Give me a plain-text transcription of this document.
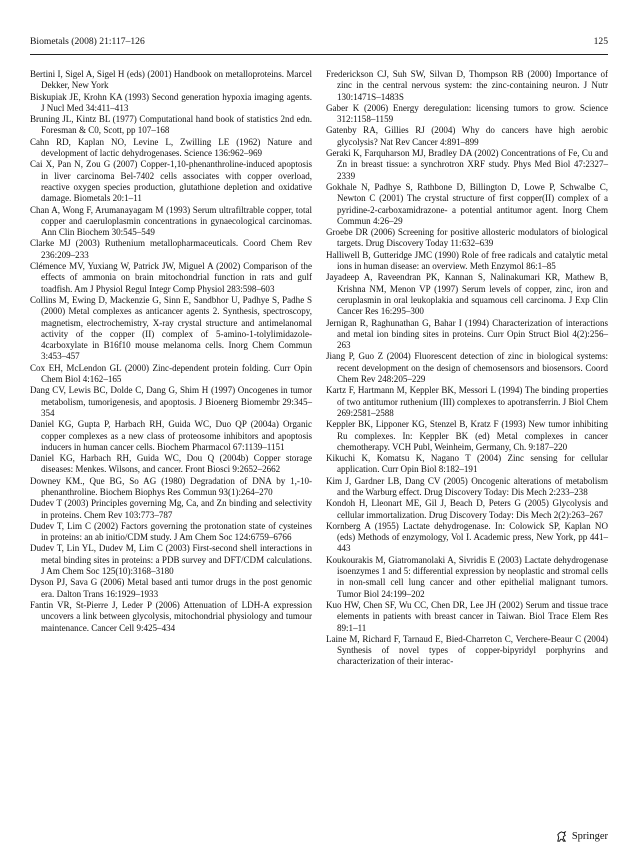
Biometals (2008) 21:117–126	125

Bertini I, Sigel A, Sigel H (eds) (2001) Handbook on metalloproteins. Marcel Dekker, New York

Biskupiak JE, Krohn KA (1993) Second generation hypoxia imaging agents. J Nucl Med 34:411–413

Bruning JL, Kintz BL (1977) Computational hand book of statistics 2nd edn. Foresman & C0, Scott, pp 107–168

Cahn RD, Kaplan NO, Levine L, Zwilling LE (1962) Nature and development of lactic dehydrogenases. Science 136:962–969

Cai X, Pan N, Zou G (2007) Copper-1,10-phenanthroline-induced apoptosis in liver carcinoma Bel-7402 cells associates with copper overload, reactive oxygen species production, glutathione depletion and oxidative damage. Biometals 20:1–11

Chan A, Wong F, Arumanayagam M (1993) Serum ultrafiltrable copper, total copper and caeruloplasmin concentrations in gynaecological carcinomas. Ann Clin Biochem 30:545–549

Clarke MJ (2003) Ruthenium metallopharmaceuticals. Coord Chem Rev 236:209–233

Clémence MV, Yuxiang W, Patrick JW, Miguel A (2002) Comparison of the effects of ammonia on brain mitochondrial function in rats and gulf toadfish. Am J Physiol Regul Integr Comp Physiol 283:598–603

Collins M, Ewing D, Mackenzie G, Sinn E, Sandbhor U, Padhye S, Padhe S (2000) Metal complexes as anticancer agents 2. Synthesis, spectroscopy, magnetism, electrochemistry, X-ray crystal structure and antimelanomal activity of the copper (II) complex of 5-amino-1-tolylimidazole-4carboxylate in B16f10 mouse melanoma cells. Inorg Chem Commun 3:453–457

Cox EH, McLendon GL (2000) Zinc-dependent protein folding. Curr Opin Chem Biol 4:162–165

Dang CV, Lewis BC, Dolde C, Dang G, Shim H (1997) Oncogenes in tumor metabolism, tumorigenesis, and apoptosis. J Bioenerg Biomembr 29:345–354

Daniel KG, Gupta P, Harbach RH, Guida WC, Duo QP (2004a) Organic copper complexes as a new class of proteosome inhibitors and apoptosis inducers in human cancer cells. Biochem Pharmacol 67:1139–1151

Daniel KG, Harbach RH, Guida WC, Dou Q (2004b) Copper storage diseases: Menkes. Wilsons, and cancer. Front Biosci 9:2652–2662

Downey KM., Que BG, So AG (1980) Degradation of DNA by 1,-10-phenanthroline. Biochem Biophys Res Commun 93(1):264–270

Dudev T (2003) Principles governing Mg, Ca, and Zn binding and selectivity in proteins. Chem Rev 103:773–787

Dudev T, Lim C (2002) Factors governing the protonation state of cysteines in proteins: an ab initio/CDM study. J Am Chem Soc 124:6759–6766

Dudev T, Lin YL, Dudev M, Lim C (2003) First-second shell interactions in metal binding sites in proteins: a PDB survey and DFT/CDM calculations. J Am Chem Soc 125(10):3168–3180

Dyson PJ, Sava G (2006) Metal based anti tumor drugs in the post genomic era. Dalton Trans 16:1929–1933

Fantin VR, St-Pierre J, Leder P (2006) Attenuation of LDH-A expression uncovers a link between glycolysis, mitochondrial physiology and tumour maintenance. Cancer Cell 9:425–434

Frederickson CJ, Suh SW, Silvan D, Thompson RB (2000) Importance of zinc in the central nervous system: the zinc-containing neuron. J Nutr 130:1471S–1483S

Gaber K (2006) Energy deregulation: licensing tumors to grow. Science 312:1158–1159

Gatenby RA, Gillies RJ (2004) Why do cancers have high aerobic glycolysis? Nat Rev Cancer 4:891–899

Geraki K, Farquharson MJ, Bradley DA (2002) Concentrations of Fe, Cu and Zn in breast tissue: a synchrotron XRF study. Phys Med Biol 47:2327–2339

Gokhale N, Padhye S, Rathbone D, Billington D, Lowe P, Schwalbe C, Newton C (2001) The crystal structure of first copper(II) complex of a pyridine-2-carboxamidrazone- a potential antitumor agent. Inorg Chem Commun 4:26–29

Groebe DR (2006) Screening for positive allosteric modulators of biological targets. Drug Discovery Today 11:632–639

Halliwell B, Gutteridge JMC (1990) Role of free radicals and catalytic metal ions in human disease: an overview. Meth Enzymol 86:1–85

Jayadeep A, Raveendran PK, Kannan S, Nalinakumari KR, Mathew B, Krishna NM, Menon VP (1997) Serum levels of copper, zinc, iron and ceruplasmin in oral leukoplakia and squamous cell carcinoma. J Exp Clin Cancer Res 16:295–300

Jernigan R, Raghunathan G, Bahar I (1994) Characterization of interactions and metal ion binding sites in proteins. Curr Opin Struct Biol 4(2):256–263

Jiang P, Guo Z (2004) Fluorescent detection of zinc in biological systems: recent development on the design of chemosensors and biosensors. Coord Chem Rev 248:205–229

Kartz F, Hartmann M, Keppler BK, Messori L (1994) The binding properties of two antitumor ruthenium (III) complexes to apotransferrin. J Biol Chem 269:2581–2588

Keppler BK, Lipponer KG, Stenzel B, Kratz F (1993) New tumor inhibiting Ru complexes. In: Keppler BK (ed) Metal complexes in cancer chemotherapy. VCH Publ, Weinheim, Germany, Ch. 9:187–220

Kikuchi K, Komatsu K, Nagano T (2004) Zinc sensing for cellular application. Curr Opin Biol 8:182–191

Kim J, Gardner LB, Dang CV (2005) Oncogenic alterations of metabolism and the Warburg effect. Drug Discovery Today: Dis Mech 2:233–238

Kondoh H, Lleonart ME, Gil J, Beach D, Peters G (2005) Glycolysis and cellular immortalization. Drug Discovery Today: Dis Mech 2(2):263–267

Kornberg A (1955) Lactate dehydrogenase. In: Colowick SP, Kaplan NO (eds) Methods of enzymology, Vol I. Academic press, New York, pp 441–443

Koukourakis M, Giatromanolaki A, Sivridis E (2003) Lactate dehydrogenase isoenzymes 1 and 5: differential expression by neoplastic and stromal cells in non-small cell lung cancer and other epithelial malignant tumors. Tumor Biol 24:199–202

Kuo HW, Chen SF, Wu CC, Chen DR, Lee JH (2002) Serum and tissue trace elements in patients with breast cancer in Taiwan. Biol Trace Elem Res 89:1–11

Laine M, Richard F, Tarnaud E, Bied-Charreton C, Verchere-Beaur C (2004) Synthesis of novel types of copper-bipyridyl porphyrins and characterization of their interac-

Springer
